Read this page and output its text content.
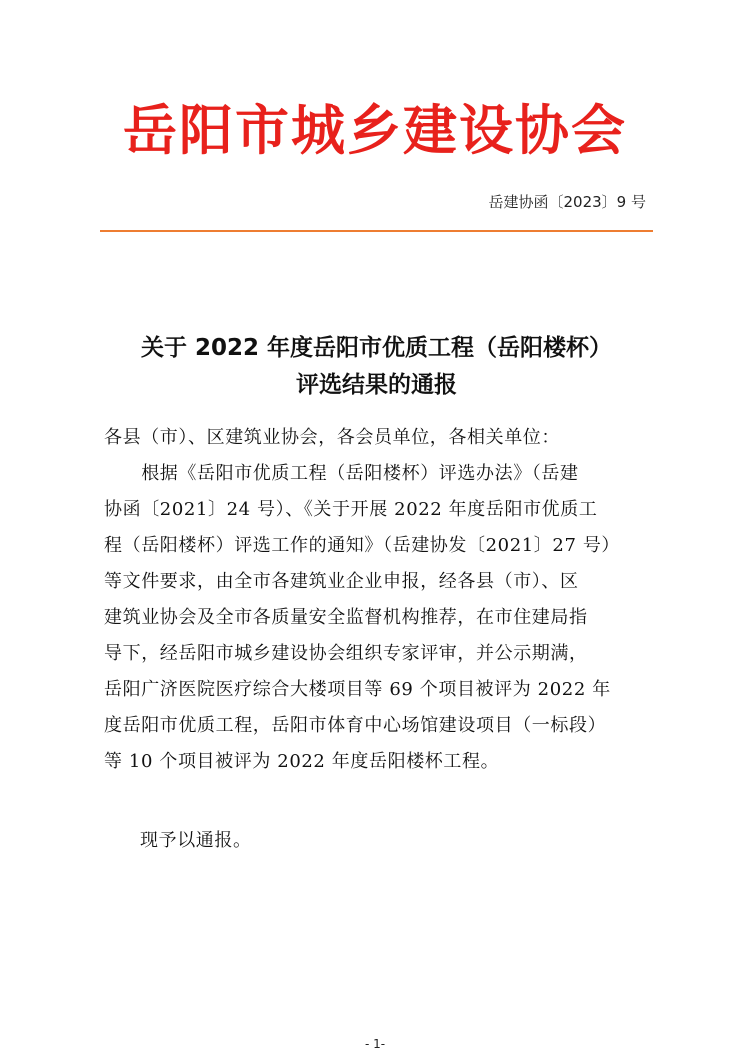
岳阳市城乡建设协会
岳建协函〔2023〕9 号
关于 2022 年度岳阳市优质工程（岳阳楼杯）
评选结果的通报
各县（市）、区建筑业协会，各会员单位，各相关单位：
　　根据《岳阳市优质工程（岳阳楼杯）评选办法》（岳建
协函〔2021〕24 号）、《关于开展 2022 年度岳阳市优质工
程（岳阳楼杯）评选工作的通知》（岳建协发〔2021〕27 号）
等文件要求，由全市各建筑业企业申报，经各县（市）、区
建筑业协会及全市各质量安全监督机构推荐，在市住建局指
导下，经岳阳市城乡建设协会组织专家评审，并公示期满，
岳阳广济医院医疗综合大楼项目等 69 个项目被评为 2022 年
度岳阳市优质工程，岳阳市体育中心场馆建设项目（一标段）
等 10 个项目被评为 2022 年度岳阳楼杯工程。
现予以通报。
- 1-
